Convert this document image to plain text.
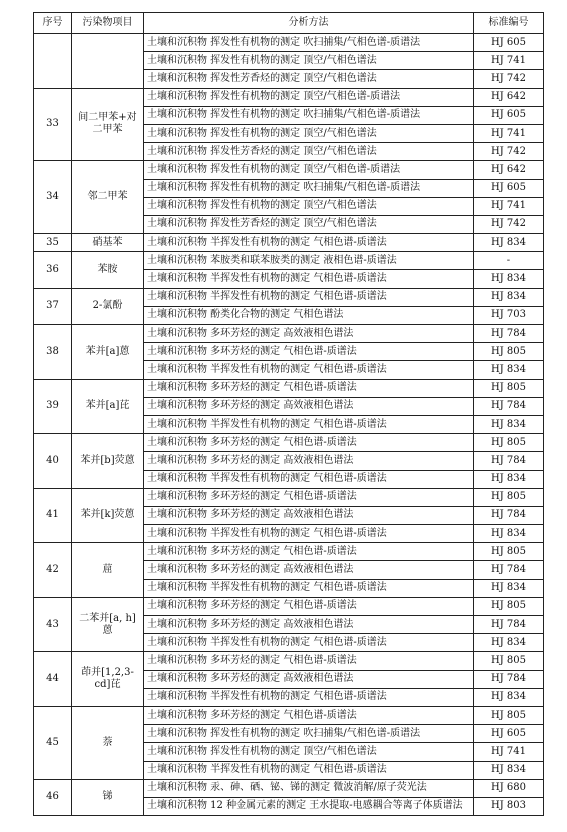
序号	污染物项目	分析方法	标准编号
		土壤和沉积物 挥发性有机物的测定 吹扫捕集/气相色谱-质谱法	HJ 605
		土壤和沉积物 挥发性有机物的测定 顶空/气相色谱法	HJ 741
		土壤和沉积物 挥发性芳香烃的测定 顶空/气相色谱法	HJ 742
33	间二甲苯+对二甲苯	土壤和沉积物 挥发性有机物的测定 顶空/气相色谱-质谱法	HJ 642
		土壤和沉积物 挥发性有机物的测定 吹扫捕集/气相色谱-质谱法	HJ 605
		土壤和沉积物 挥发性有机物的测定 顶空/气相色谱法	HJ 741
		土壤和沉积物 挥发性芳香烃的测定 顶空/气相色谱法	HJ 742
34	邻二甲苯	土壤和沉积物 挥发性有机物的测定 顶空/气相色谱-质谱法	HJ 642
		土壤和沉积物 挥发性有机物的测定 吹扫捕集/气相色谱-质谱法	HJ 605
		土壤和沉积物 挥发性有机物的测定 顶空/气相色谱法	HJ 741
		土壤和沉积物 挥发性芳香烃的测定 顶空/气相色谱法	HJ 742
35	硝基苯	土壤和沉积物 半挥发性有机物的测定 气相色谱-质谱法	HJ 834
36	苯胺	土壤和沉积物 苯胺类和联苯胺类的测定 液相色谱-质谱法	-
		土壤和沉积物 半挥发性有机物的测定 气相色谱-质谱法	HJ 834
37	2-氯酚	土壤和沉积物 半挥发性有机物的测定 气相色谱-质谱法	HJ 834
		土壤和沉积物 酚类化合物的测定 气相色谱法	HJ 703
38	苯并[a]蒽	土壤和沉积物 多环芳烃的测定 高效液相色谱法	HJ 784
		土壤和沉积物 多环芳烃的测定 气相色谱-质谱法	HJ 805
		土壤和沉积物 半挥发性有机物的测定 气相色谱-质谱法	HJ 834
39	苯并[a]芘	土壤和沉积物 多环芳烃的测定 气相色谱-质谱法	HJ 805
		土壤和沉积物 多环芳烃的测定 高效液相色谱法	HJ 784
		土壤和沉积物 半挥发性有机物的测定 气相色谱-质谱法	HJ 834
40	苯并[b]荧蒽	土壤和沉积物 多环芳烃的测定 气相色谱-质谱法	HJ 805
		土壤和沉积物 多环芳烃的测定 高效液相色谱法	HJ 784
		土壤和沉积物 半挥发性有机物的测定 气相色谱-质谱法	HJ 834
41	苯并[k]荧蒽	土壤和沉积物 多环芳烃的测定 气相色谱-质谱法	HJ 805
		土壤和沉积物 多环芳烃的测定 高效液相色谱法	HJ 784
		土壤和沉积物 半挥发性有机物的测定 气相色谱-质谱法	HJ 834
42	䓛	土壤和沉积物 多环芳烃的测定 气相色谱-质谱法	HJ 805
		土壤和沉积物 多环芳烃的测定 高效液相色谱法	HJ 784
		土壤和沉积物 半挥发性有机物的测定 气相色谱-质谱法	HJ 834
43	二苯并[a, h]蒽	土壤和沉积物 多环芳烃的测定 气相色谱-质谱法	HJ 805
		土壤和沉积物 多环芳烃的测定 高效液相色谱法	HJ 784
		土壤和沉积物 半挥发性有机物的测定 气相色谱-质谱法	HJ 834
44	茚并[1,2,3-cd]芘	土壤和沉积物 多环芳烃的测定 气相色谱-质谱法	HJ 805
		土壤和沉积物 多环芳烃的测定 高效液相色谱法	HJ 784
		土壤和沉积物 半挥发性有机物的测定 气相色谱-质谱法	HJ 834
45	萘	土壤和沉积物 多环芳烃的测定 气相色谱-质谱法	HJ 805
		土壤和沉积物 挥发性有机物的测定 吹扫捕集/气相色谱-质谱法	HJ 605
		土壤和沉积物 挥发性有机物的测定 顶空/气相色谱法	HJ 741
		土壤和沉积物 半挥发性有机物的测定 气相色谱-质谱法	HJ 834
46	锑	土壤和沉积物 汞、砷、硒、铋、锑的测定 微波消解/原子荧光法	HJ 680
		土壤和沉积物 12 种金属元素的测定 王水提取-电感耦合等离子体质谱法	HJ 803
